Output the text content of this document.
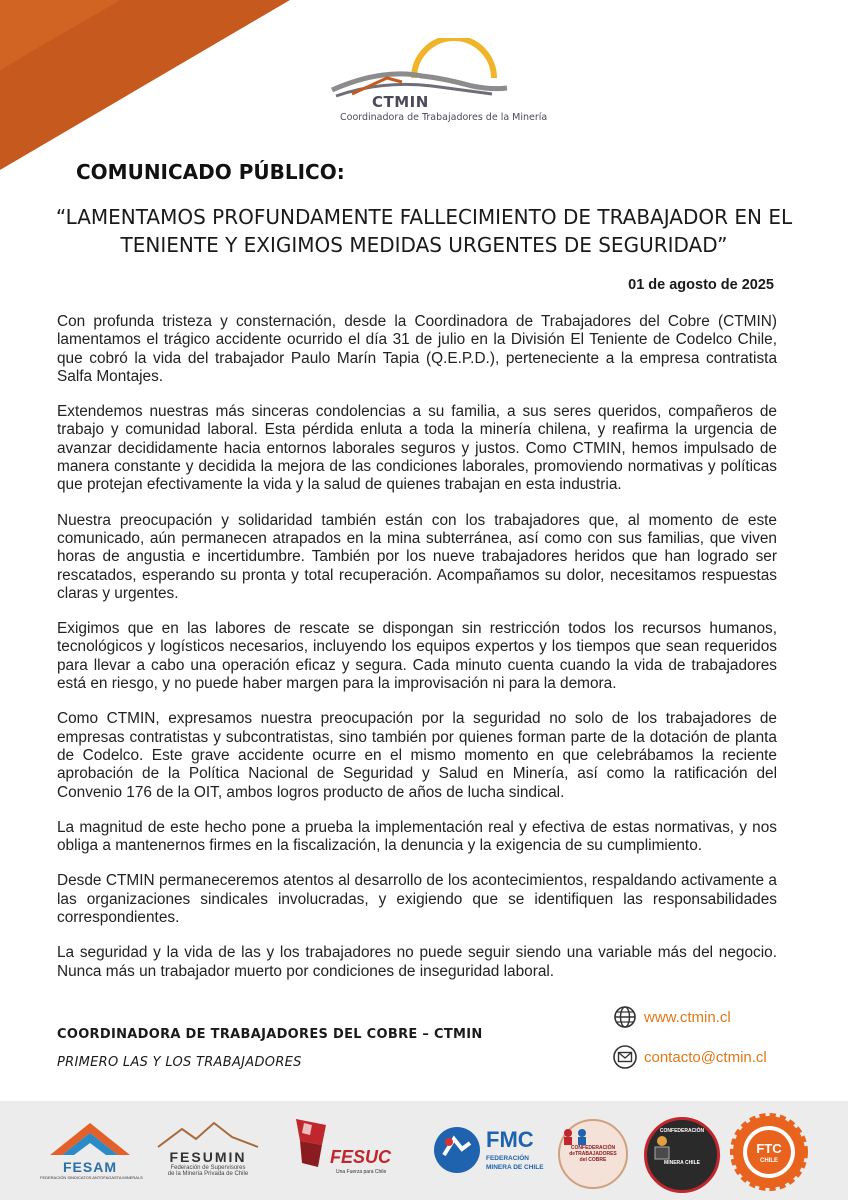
CTMIN
Coordinadora de Trabajadores de la Minería
COMUNICADO PÚBLICO:
“LAMENTAMOS PROFUNDAMENTE FALLECIMIENTO DE TRABAJADOR EN EL TENIENTE Y EXIGIMOS MEDIDAS URGENTES DE SEGURIDAD”
01 de agosto de 2025

Con profunda tristeza y consternación, desde la Coordinadora de Trabajadores del Cobre (CTMIN) lamentamos el trágico accidente ocurrido el día 31 de julio en la División El Teniente de Codelco Chile, que cobró la vida del trabajador Paulo Marín Tapia (Q.E.P.D.), perteneciente a la empresa contratista Salfa Montajes.

Extendemos nuestras más sinceras condolencias a su familia, a sus seres queridos, compañeros de trabajo y comunidad laboral. Esta pérdida enluta a toda la minería chilena, y reafirma la urgencia de avanzar decididamente hacia entornos laborales seguros y justos. Como CTMIN, hemos impulsado de manera constante y decidida la mejora de las condiciones laborales, promoviendo normativas y políticas que protejan efectivamente la vida y la salud de quienes trabajan en esta industria.

Nuestra preocupación y solidaridad también están con los trabajadores que, al momento de este comunicado, aún permanecen atrapados en la mina subterránea, así como con sus familias, que viven horas de angustia e incertidumbre. También por los nueve trabajadores heridos que han logrado ser rescatados, esperando su pronta y total recuperación. Acompañamos su dolor, necesitamos respuestas claras y urgentes.

Exigimos que en las labores de rescate se dispongan sin restricción todos los recursos humanos, tecnológicos y logísticos necesarios, incluyendo los equipos expertos y los tiempos que sean requeridos para llevar a cabo una operación eficaz y segura. Cada minuto cuenta cuando la vida de trabajadores está en riesgo, y no puede haber margen para la improvisación ni para la demora.

Como CTMIN, expresamos nuestra preocupación por la seguridad no solo de los trabajadores de empresas contratistas y subcontratistas, sino también por quienes forman parte de la dotación de planta de Codelco. Este grave accidente ocurre en el mismo momento en que celebrábamos la reciente aprobación de la Política Nacional de Seguridad y Salud en Minería, así como la ratificación del Convenio 176 de la OIT, ambos logros producto de años de lucha sindical.

La magnitud de este hecho pone a prueba la implementación real y efectiva de estas normativas, y nos obliga a mantenernos firmes en la fiscalización, la denuncia y la exigencia de su cumplimiento.

Desde CTMIN permaneceremos atentos al desarrollo de los acontecimientos, respaldando activamente a las organizaciones sindicales involucradas, y exigiendo que se identifiquen las responsabilidades correspondientes.

La seguridad y la vida de las y los trabajadores no puede seguir siendo una variable más del negocio. Nunca más un trabajador muerto por condiciones de inseguridad laboral.

COORDINADORA DE TRABAJADORES DEL COBRE – CTMIN
PRIMERO LAS Y LOS TRABAJADORES
www.ctmin.cl
contacto@ctmin.cl
FESAM
FEDERACIÓN SINDICATOS ANTOFAGASTA MINERALS
FESUMIN
Federación de Supervisores
de la Minería Privada de Chile
FESUC
Una Fuerza para Chile
FMC
FEDERACIÓN
MINERA DE CHILE
CONFEDERACIÓN
deTRABAJADORES
del COBRE
CONFEDERACIÓN
MINERA CHILE
FTC
CHILE
